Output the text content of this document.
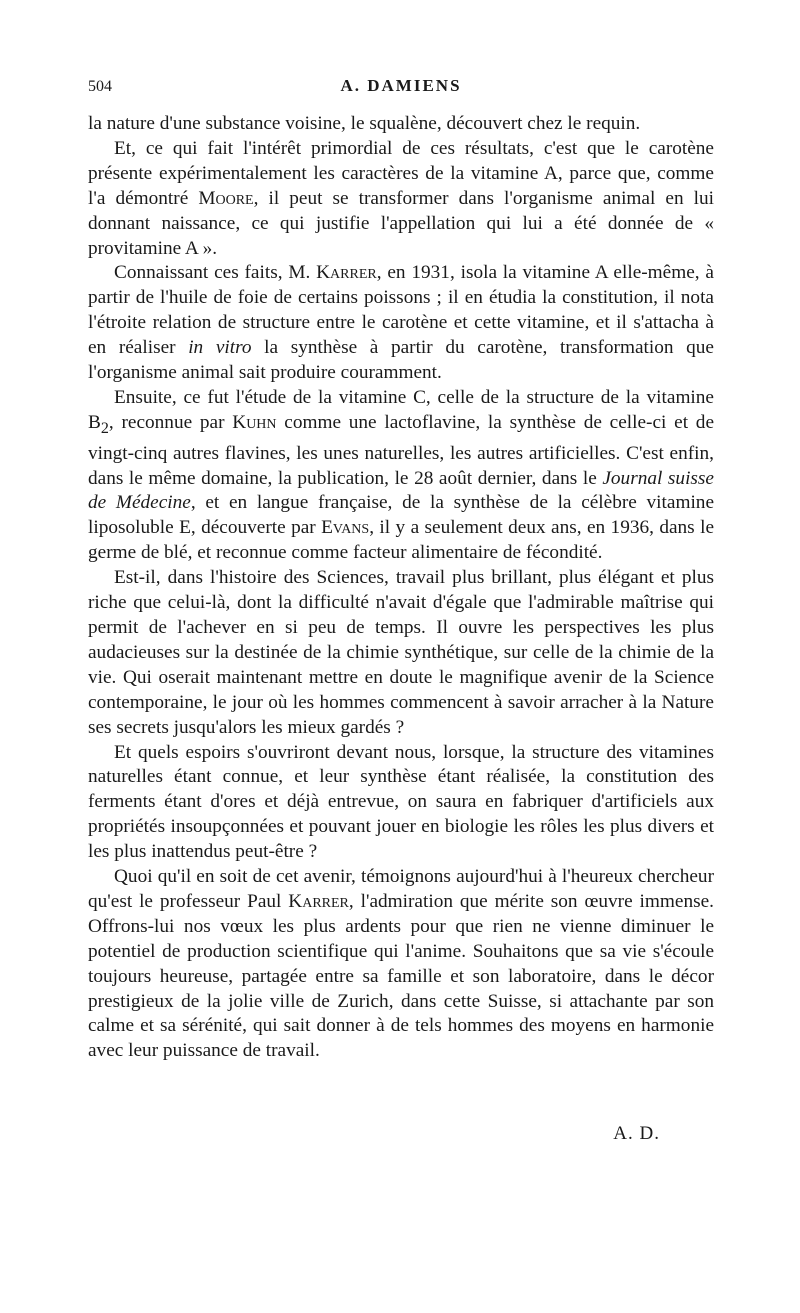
504	A. DAMIENS

la nature d'une substance voisine, le squalène, découvert chez le requin.

Et, ce qui fait l'intérêt primordial de ces résultats, c'est que le carotène présente expérimentalement les caractères de la vitamine A, parce que, comme l'a démontré Moore, il peut se transformer dans l'organisme animal en lui donnant naissance, ce qui justifie l'appellation qui lui a été donnée de « provitamine A ».

Connaissant ces faits, M. Karrer, en 1931, isola la vitamine A elle-même, à partir de l'huile de foie de certains poissons ; il en étudia la constitution, il nota l'étroite relation de structure entre le carotène et cette vitamine, et il s'attacha à en réaliser in vitro la synthèse à partir du carotène, transformation que l'organisme animal sait produire couramment.

Ensuite, ce fut l'étude de la vitamine C, celle de la structure de la vitamine $B_2$, reconnue par Kuhn comme une lactoflavine, la synthèse de celle-ci et de vingt-cinq autres flavines, les unes naturelles, les autres artificielles. C'est enfin, dans le même domaine, la publication, le 28 août dernier, dans le Journal suisse de Médecine, et en langue française, de la synthèse de la célèbre vitamine liposoluble E, découverte par Evans, il y a seulement deux ans, en 1936, dans le germe de blé, et reconnue comme facteur alimentaire de fécondité.

Est-il, dans l'histoire des Sciences, travail plus brillant, plus élégant et plus riche que celui-là, dont la difficulté n'avait d'égale que l'admirable maîtrise qui permit de l'achever en si peu de temps. Il ouvre les perspectives les plus audacieuses sur la destinée de la chimie synthétique, sur celle de la chimie de la vie. Qui oserait maintenant mettre en doute le magnifique avenir de la Science contemporaine, le jour où les hommes commencent à savoir arracher à la Nature ses secrets jusqu'alors les mieux gardés ?

Et quels espoirs s'ouvriront devant nous, lorsque, la structure des vitamines naturelles étant connue, et leur synthèse étant réalisée, la constitution des ferments étant d'ores et déjà entrevue, on saura en fabriquer d'artificiels aux propriétés insoupçonnées et pouvant jouer en biologie les rôles les plus divers et les plus inattendus peut-être ?

Quoi qu'il en soit de cet avenir, témoignons aujourd'hui à l'heureux chercheur qu'est le professeur Paul Karrer, l'admiration que mérite son œuvre immense. Offrons-lui nos vœux les plus ardents pour que rien ne vienne diminuer le potentiel de production scientifique qui l'anime. Souhaitons que sa vie s'écoule toujours heureuse, partagée entre sa famille et son laboratoire, dans le décor prestigieux de la jolie ville de Zurich, dans cette Suisse, si attachante par son calme et sa sérénité, qui sait donner à de tels hommes des moyens en harmonie avec leur puissance de travail.

A. D.
